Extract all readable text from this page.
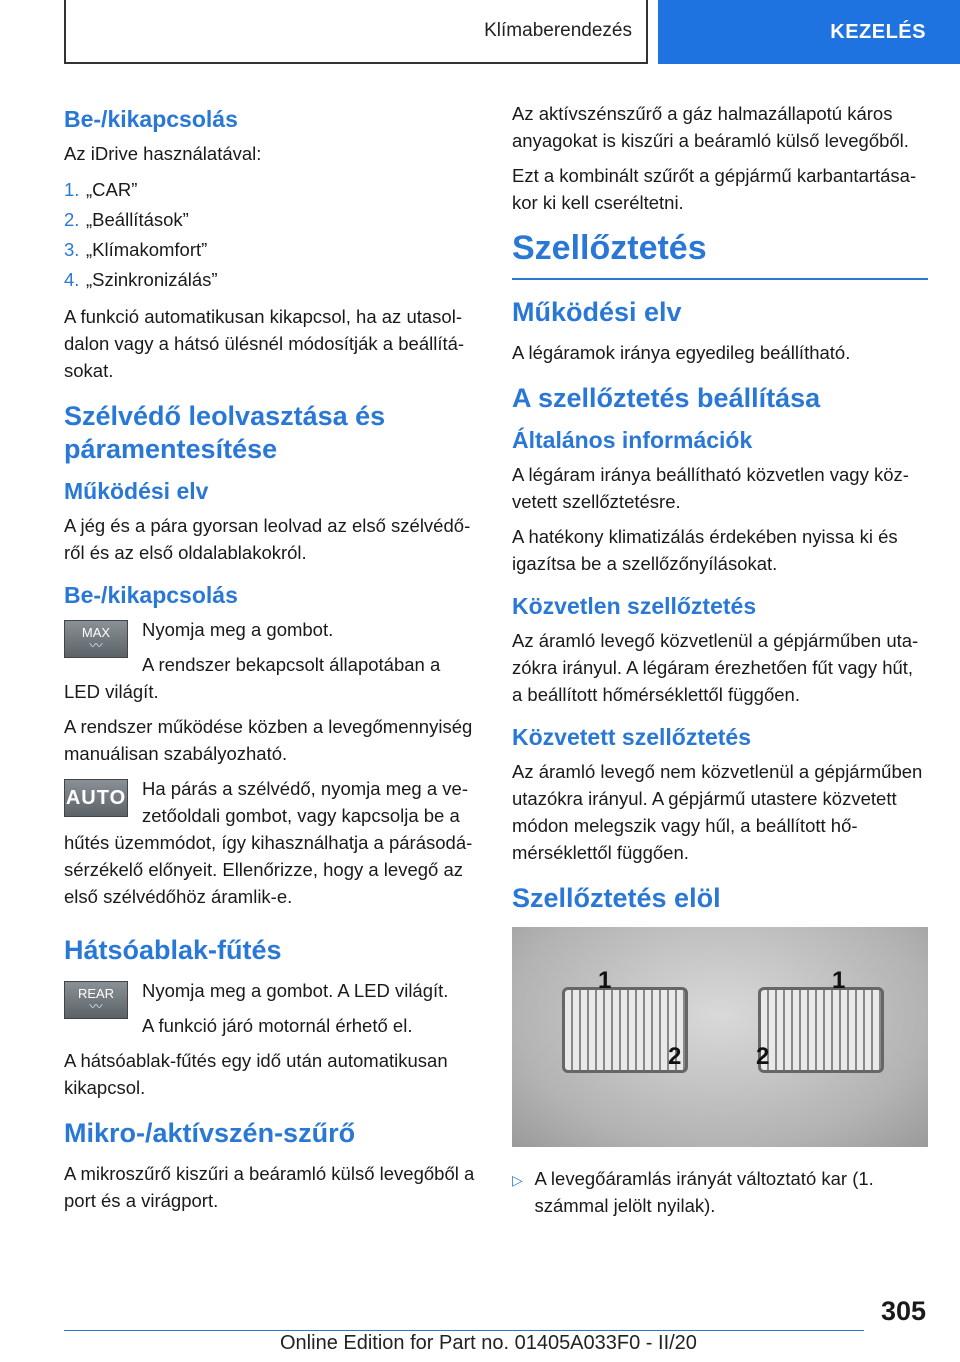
Klímaberendezés	KEZELÉS

Be-/kikapcsolás

Az iDrive használatával:

1. „CAR”
2. „Beállítások”
3. „Klímakomfort”
4. „Szinkronizálás”

A funkció automatikusan kikapcsol, ha az utasoldalon vagy a hátsó ülésnél módosítják a beállításokat.

Szélvédő leolvasztása és páramentesítése

Működési elv

A jég és a pára gyorsan leolvad az első szélvédőről és az első oldalablakokról.

Be-/kikapcsolás

MAX
〰

Nyomja meg a gombot.

A rendszer bekapcsolt állapotában a LED világít.

A rendszer működése közben a levegőmennyiség manuálisan szabályozható.

AUTO Ha párás a szélvédő, nyomja meg a vezetőoldali gombot, vagy kapcsolja be a hűtés üzemmódot, így kihasználhatja a párásodásérzékelő előnyeit. Ellenőrizze, hogy a levegő az első szélvédőhöz áramlik-e.

Hátsóablak-fűtés

REAR
〰

Nyomja meg a gombot. A LED világít.

A funkció járó motornál érhető el.

A hátsóablak-fűtés egy idő után automatikusan kikapcsol.

Mikro-/aktívszén-szűrő

A mikroszűrő kiszűri a beáramló külső levegőből a port és a virágport.

Az aktívszénszűrő a gáz halmazállapotú káros anyagokat is kiszűri a beáramló külső levegőből.

Ezt a kombinált szűrőt a gépjármű karbantartásakor ki kell cseréltetni.

Szellőztetés

Működési elv

A légáramok iránya egyedileg beállítható.

A szellőztetés beállítása

Általános információk

A légáram iránya beállítható közvetlen vagy közvetett szellőztetésre.

A hatékony klimatizálás érdekében nyissa ki és igazítsa be a szellőzőnyílásokat.

Közvetlen szellőztetés

Az áramló levegő közvetlenül a gépjárműben utazókra irányul. A légáram érezhetően fűt vagy hűt, a beállított hőmérséklettől függően.

Közvetett szellőztetés

Az áramló levegő nem közvetlenül a gépjárműben utazókra irányul. A gépjármű utastere közvetett módon melegszik vagy hűl, a beállított hőmérséklettől függően.

Szellőztetés elöl

1	1
2	2
▷ A levegőáramlás irányát változtató kar (1. számmal jelölt nyilak).
305
Online Edition for Part no. 01405A033F0 - II/20
